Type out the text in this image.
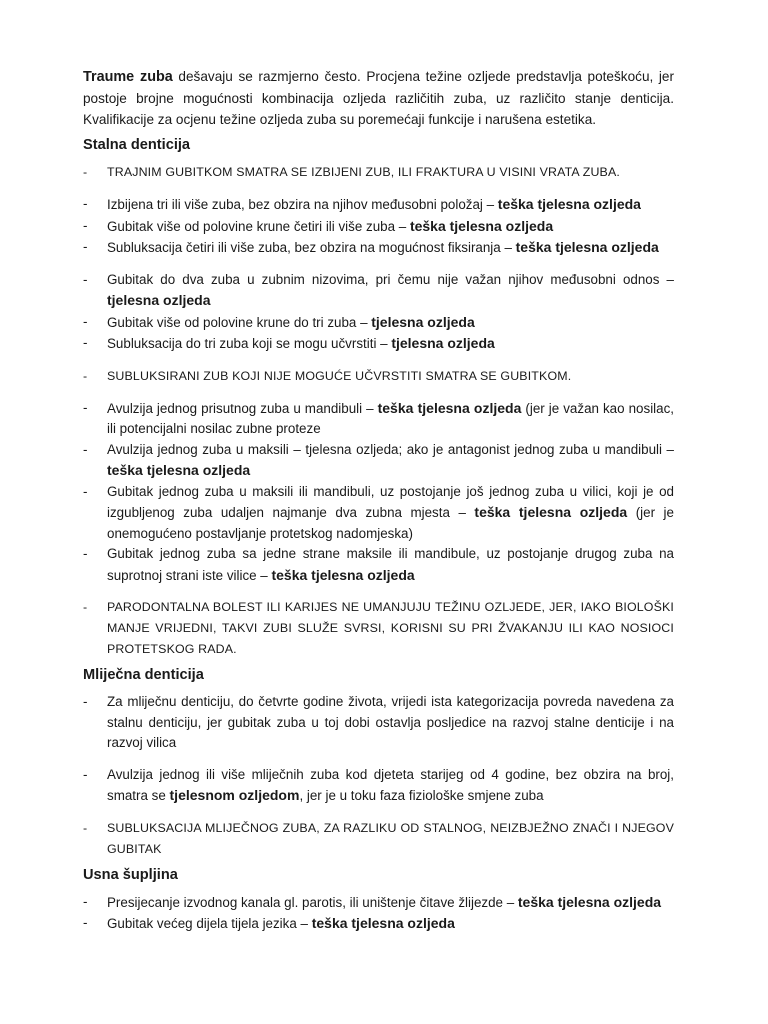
Traume zuba dešavaju se razmjerno često. Procjena težine ozljede predstavlja poteškoću, jer postoje brojne mogućnosti kombinacija ozljeda različitih zuba, uz različito stanje denticija. Kvalifikacije za ocjenu težine ozljeda zuba su poremećaji funkcije i narušena estetika.

Stalna denticija
-	TRAJNIM GUBITKOM SMATRA SE IZBIJENI ZUB, ILI FRAKTURA U VISINI VRATA ZUBA.
-	Izbijena tri ili više zuba, bez obzira na njihov međusobni položaj – teška tjelesna ozljeda
-	Gubitak više od polovine krune četiri ili više zuba – teška tjelesna ozljeda
-	Subluksacija četiri ili više zuba, bez obzira na mogućnost fiksiranja – teška tjelesna ozljeda
-	Gubitak do dva zuba u zubnim nizovima, pri čemu nije važan njihov međusobni odnos – tjelesna ozljeda
-	Gubitak više od polovine krune do tri zuba – tjelesna ozljeda
-	Subluksacija do tri zuba koji se mogu učvrstiti – tjelesna ozljeda
-	SUBLUKSIRANI ZUB KOJI NIJE MOGUĆE UČVRSTITI SMATRA SE GUBITKOM.
-	Avulzija jednog prisutnog zuba u mandibuli – teška tjelesna ozljeda (jer je važan kao nosilac, ili potencijalni nosilac zubne proteze
-	Avulzija jednog zuba u maksili – tjelesna ozljeda; ako je antagonist jednog zuba u mandibuli – teška tjelesna ozljeda
-	Gubitak jednog zuba u maksili ili mandibuli, uz postojanje još jednog zuba u vilici, koji je od izgubljenog zuba udaljen najmanje dva zubna mjesta – teška tjelesna ozljeda (jer je onemogućeno postavljanje protetskog nadomjeska)
-	Gubitak jednog zuba sa jedne strane maksile ili mandibule, uz postojanje drugog zuba na suprotnoj strani iste vilice – teška tjelesna ozljeda
-	PARODONTALNA BOLEST ILI KARIJES NE UMANJUJU TEŽINU OZLJEDE, JER, IAKO BIOLOŠKI MANJE VRIJEDNI, TAKVI ZUBI SLUŽE SVRSI, KORISNI SU PRI ŽVAKANJU ILI KAO NOSIOCI PROTETSKOG RADA.
Mliječna denticija
-	Za mliječnu denticiju, do četvrte godine života, vrijedi ista kategorizacija povreda navedena za stalnu denticiju, jer gubitak zuba u toj dobi ostavlja posljedice na razvoj stalne denticije i na razvoj vilica
-	Avulzija jednog ili više mliječnih zuba kod djeteta starijeg od 4 godine, bez obzira na broj, smatra se tjelesnom ozljedom, jer je u toku faza fiziološke smjene zuba
-	SUBLUKSACIJA MLIJEČNOG ZUBA, ZA RAZLIKU OD STALNOG, NEIZBJEŽNO ZNAČI I NJEGOV GUBITAK
Usna šupljina
-	Presijecanje izvodnog kanala gl. parotis, ili uništenje čitave žlijezde – teška tjelesna ozljeda
-	Gubitak većeg dijela tijela jezika – teška tjelesna ozljeda
